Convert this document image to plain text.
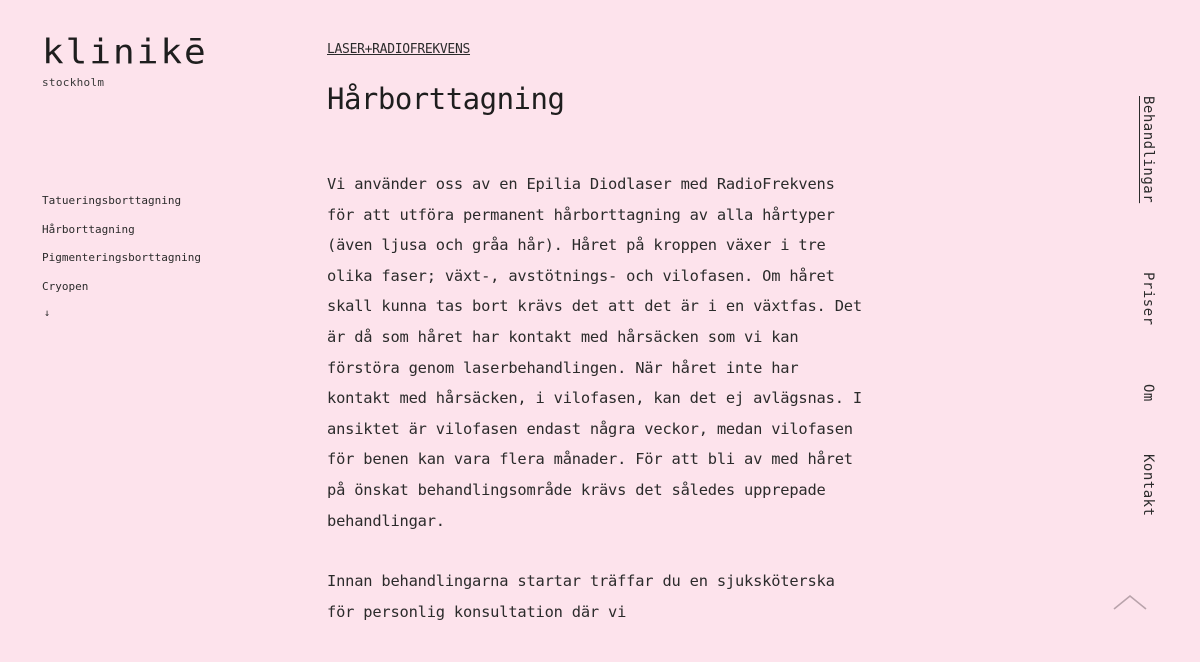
klinikē
stockholm
Tatueringsborttagning
Hårborttagning
Pigmenteringsborttagning
Cryopen
↓
LASER+RADIOFREKVENS
Hårborttagning

Vi använder oss av en Epilia Diodlaser med RadioFrekvens för att utföra permanent hårborttagning av alla hårtyper (även ljusa och gråa hår). Håret på kroppen växer i tre olika faser; växt-, avstötnings- och vilofasen. Om håret skall kunna tas bort krävs det att det är i en växtfas. Det är då som håret har kontakt med hårsäcken som vi kan förstöra genom laserbehandlingen. När håret inte har kontakt med hårsäcken, i vilofasen, kan det ej avlägsnas. I ansiktet är vilofasen endast några veckor, medan vilofasen för benen kan vara flera månader. För att bli av med håret på önskat behandlingsområde krävs det således upprepade behandlingar.

Innan behandlingarna startar träffar du en sjuksköterska för personlig konsultation där vi

Behandlingar
Priser
Om
Kontakt
